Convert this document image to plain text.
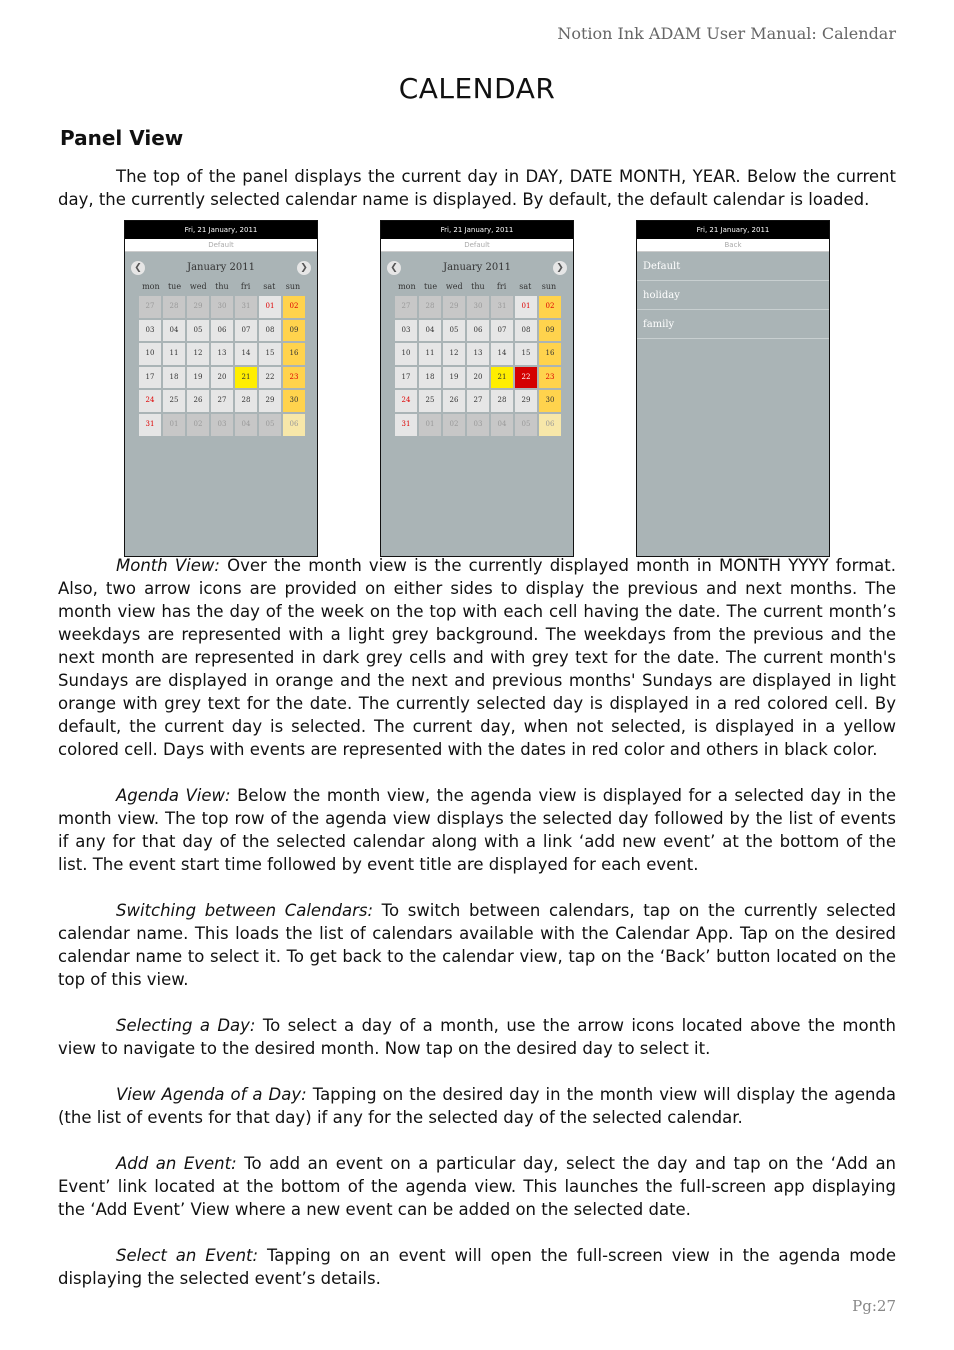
Notion Ink ADAM User Manual: Calendar
CALENDAR
Panel View

The top of the panel displays the current day in DAY, DATE MONTH, YEAR. Below the current day, the currently selected calendar name is displayed. By default, the default calendar is loaded.

Fri, 21 January, 2011
Default
❮	January 2011	❯
mon	tue	wed	thu	fri	sat	sun
27	28	29	30	31	01	02
03	04	05	06	07	08	09
10	11	12	13	14	15	16
17	18	19	20	21	22	23
24	25	26	27	28	29	30
31	01	02	03	04	05	06
Fri, 21 January, 2011
Default
❮	January 2011	❯
mon	tue	wed	thu	fri	sat	sun
27	28	29	30	31	01	02
03	04	05	06	07	08	09
10	11	12	13	14	15	16
17	18	19	20	21	22	23
24	25	26	27	28	29	30
31	01	02	03	04	05	06
Fri, 21 January, 2011
Back
Default
holiday
family

Month View: Over the month view is the currently displayed month in MONTH YYYY format. Also, two arrow icons are provided on either sides to display the previous and next months. The month view has the day of the week on the top with each cell having the date. The current month’s weekdays are represented with a light grey background. The weekdays from the previous and the next month are represented in dark grey cells and with grey text for the date. The current month's Sundays are displayed in orange and the next and previous months' Sundays are displayed in light orange with grey text for the date. The currently selected day is displayed in a red colored cell. By default, the current day is selected. The current day, when not selected, is displayed in a yellow colored cell. Days with events are represented with the dates in red color and others in black color.

Agenda View: Below the month view, the agenda view is displayed for a selected day in the month view. The top row of the agenda view displays the selected day followed by the list of events if any for that day of the selected calendar along with a link ‘add new event’ at the bottom of the list. The event start time followed by event title are displayed for each event.

Switching between Calendars: To switch between calendars, tap on the currently selected calendar name. This loads the list of calendars available with the Calendar App. Tap on the desired calendar name to select it. To get back to the calendar view, tap on the ‘Back’ button located on the top of this view.

Selecting a Day: To select a day of a month, use the arrow icons located above the month view to navigate to the desired month. Now tap on the desired day to select it.

View Agenda of a Day: Tapping on the desired day in the month view will display the agenda (the list of events for that day) if any for the selected day of the selected calendar.

Add an Event: To add an event on a particular day, select the day and tap on the ‘Add an Event’ link located at the bottom of the agenda view. This launches the full-screen app displaying the ‘Add Event’ View where a new event can be added on the selected date.

Select an Event: Tapping on an event will open the full-screen view in the agenda mode displaying the selected event’s details.

Pg:27
